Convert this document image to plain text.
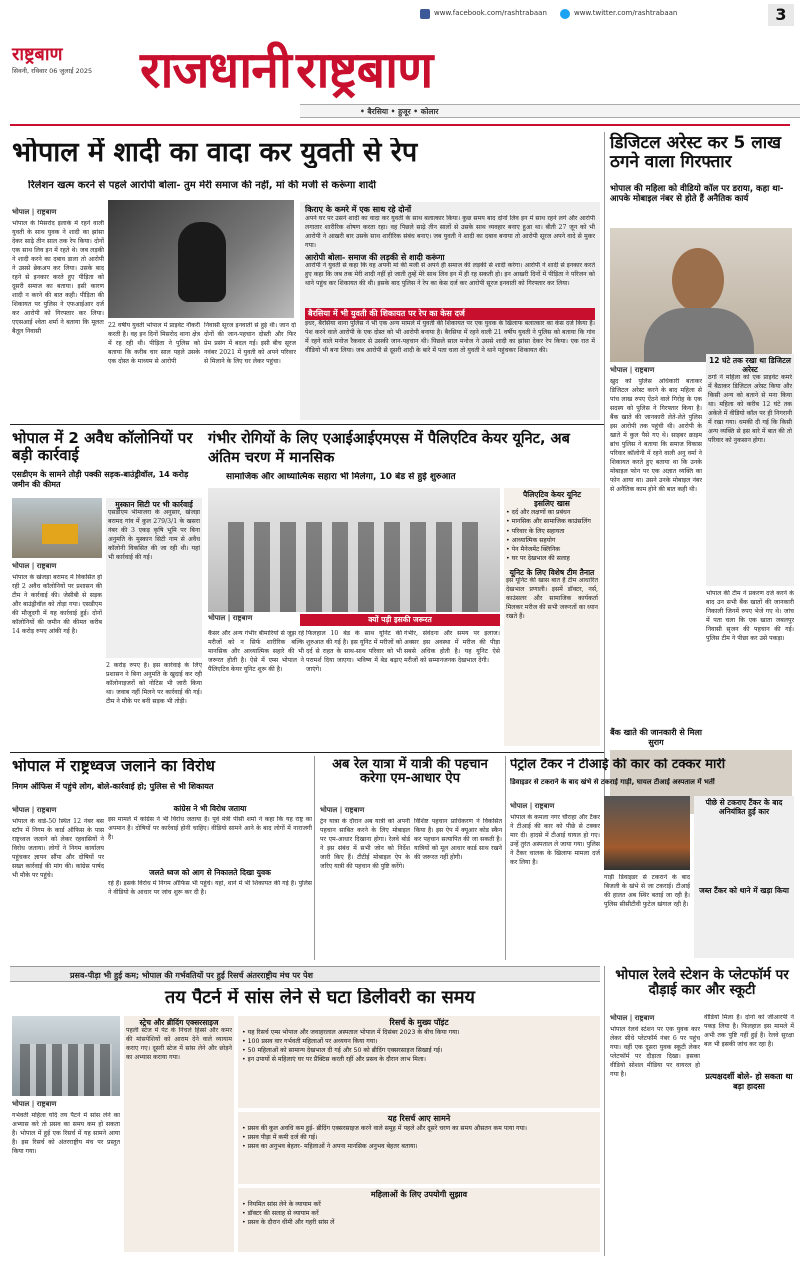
www.facebook.com/rashtrabaan	www.twitter.com/rashtrabaan	3
राष्ट्रबाण
सिवनी, रविवार 06 जुलाई 2025 राजधानी राष्ट्रबाण
• बैरसिया • हुजूर • कोलार
भोपाल में शादी का वादा कर युवती से रेप
रिलेशन खत्म करने से पहले आरोपी बोला- तुम मेरी समाज की नहीं, मां की मर्जी से करूंगा शादी
भोपाल | राष्ट्रबाण
भोपाल के मिसरोद इलाके में रहने वाली युवती के साथ युवक ने शादी का झांसा देकर साढ़े तीन साल तक रेप किया। दोनों एक साथ लिव इन में रहते थे। जब लड़की ने शादी करने का दबाव डाला तो आरोपी ने उससे ब्रेकअप कर लिया। उसके बाद रहने से इनकार करते हुए पीड़िता को दूसरी समाज का बताया। इसी कारण शादी न करने की बात कही। पीड़िता की शिकायत पर पुलिस ने एफआईआर दर्ज कर आरोपी को गिरफ्तार कर लिया। एएसआई श्वेता शर्मा ने बताया कि मूलतः बैतूल निवासी
22 वर्षीय युवती भोपाल में प्राइवेट नौकरी करती है। वह इन दिनों मिसरोद थाना क्षेत्र में रह रही थी। पीड़िता ने पुलिस को बताया कि करीब चार साल पहले उसके एक दोस्त के माध्यम से आरोपी
निवासी सूरज इनवाती से हुई थी। जान दो दोनों की जान-पहचान दोस्ती और फिर प्रेम प्रसंग में बदल गई। इसी बीच सूरज नवंबर 2021 में युवती को अपने परिवार से मिलाने के लिए घर लेकर पहुंचा।
किराए के कमरे में एक साथ रहे दोनों
अपने घर पर उसने शादी का वादा कर युवती के साथ बलात्कार किया। कुछ समय बाद दोनों लिव इन में साथ रहने लगे और आरोपी लगातार शारीरिक शोषण करता रहा। वह पिछले साढ़े तीन सालों से उसके साथ व्यवहार बनाए हुआ था। बीती 27 जून को भी आरोपी ने आखरी बार उसके साथ शारीरिक संबंध बनाए। जब युवती ने शादी का दबाव बनाया तो आरोपी सूरज अपने वादे से मुकर गया।
आरोपी बोला- समाज की लड़की से शादी करूंगा
आरोपी ने युवती से कहा कि वह अपनी मां की मर्जी से अपने ही समाज की लड़की से शादी करेगा। आरोपी ने शादी से इनकार करते हुए कहा कि जब तक मेरी शादी नहीं हो जाती तुम्हें मेरे साथ लिव इन में ही रह सकती हो। इन आखरी दिनों में पीड़िता ने परिजन को थाने पहुंच कर शिकायत की थी। इसके बाद पुलिस ने रेप का केस दर्ज कर आरोपी सूरज इनवाती को गिरफ्तार कर लिया।
बैरसिया में भी युवती की शिकायत पर रेप का केस दर्ज
इधर, बैरसिया थाना पुलिस ने भी एक अन्य मामले में युवती की शिकायत पर एक युवक के खिलाफ बलात्कार का केस दर्ज किया है। पेश करने वाले आरोपी के एक दोस्त को भी आरोपी बनाया है। बैरसिया में रहने वाली 21 वर्षीय युवती ने पुलिस को बताया कि गांव में रहने वाले मनोज रैकवार से उसकी जान-पहचान थी। पिछले साल मनोज ने उससे शादी का झांसा देकर रेप किया। एक रात में वीडियो भी बना लिया। जब आरोपी से दूसरी शादी के बारे में पता चला तो युवती ने थाने पहुंचकर शिकायत की।
डिजिटल अरेस्ट कर 5 लाख ठगने वाला गिरफ्तार
भोपाल की महिला को वीडियो कॉल पर डराया, कहा था- आपके मोबाइल नंबर से होते हैं अनैतिक कार्य
भोपाल | राष्ट्रबाण
खुद को पुलिस अधिकारी बताकर डिजिटल अरेस्ट करने के बाद महिला से पांच लाख रुपए ऐंठने वाले गिरोह के एक सदस्य को पुलिस ने गिरफ्तार किया है। बैंक खाते की जानकारी लेते-लेते पुलिस इस आरोपी तक पहुंची थी। आरोपी के खाते में कुल पैसे गए थे। साइबर क्राइम ब्रांच पुलिस ने बताया कि समाज विकास परिवार कॉलोनी में रहने वाली अनु वर्मा ने शिकायत करते हुए बताया था कि उनके मोबाइल फोन पर एक अज्ञात व्यक्ति का फोन आया था। उसने उनके मोबाइल नंबर से अनैतिक काम होने की बात कही थी।
12 घंटे तक रखा था डिजिटल अरेस्ट
ठगों ने महिला को एक प्राइवेट कमरे में बैठाकर डिजिटल अरेस्ट किया और किसी अन्य को बताने से मना किया था। महिला को करीब 12 घंटे तक अकेले में वीडियो कॉल पर ही निगरानी में रखा गया। धमकी दी गई कि किसी अन्य व्यक्ति से इस बारे में बात की तो परिवार को नुकसान होगा।
भोपाल की टीम ने प्रकरण दर्ज करने के बाद उन सभी बैंक खातों की जानकारी निकाली जिनमें रुपए भेजे गए थे। जांच में पता चला कि एक खाता जबलपुर निवासी सृजन की पहचान की गई। पुलिस टीम ने पीछा कर उसे पकड़ा।
बैंक खाते की जानकारी से मिला सुराग
भोपाल में 2 अवैध कॉलोनियों पर बड़ी कार्रवाई
एसडीएम के सामने तोड़ी पक्की सड़क-बाउंड्रीवॉल, 14 करोड़ जमीन की कीमत
भोपाल | राष्ट्रबाण
भोपाल के खेजड़ा बरामद में विकसित हो रही 2 अवैध कॉलोनियों पर प्रशासन की टीम ने कार्रवाई की। जेसीबी से सड़क और बाउंड्रीवॉल को तोड़ा गया। एसडीएम की मौजूदगी में यह कार्रवाई हुई। दोनों कॉलोनियों की जमीन की कीमत करीब 14 करोड़ रुपए आंकी गई है।
मुस्कान सिटी पर भी कार्रवाई
एसडीएम भीमाजरा के अनुसार, खेजड़ा बरामद गांव में कुल 279/3/1 के खसरा नंबर की 3 एकड़ कृषि भूमि पर बिना अनुमति के मुस्कान सिटी नाम से अवैध कॉलोनी विकसित की जा रही थी। यहां भी कार्रवाई की गई।
2 करोड़ रुपए है। इस कार्रवाई के लिए प्रशासन ने बिना अनुमति के खुदाई कर रही कॉलोनाइजरों को नोटिस भी जारी किया था। जवाब नहीं मिलने पर कार्रवाई की गई। टीम ने मौके पर बनी सड़क भी तोड़ी।
गंभीर रोगियों के लिए एआईआईएमएस में पैलिएटिव केयर यूनिट, अब अंतिम चरण में मानसिक
सामाजिक और आध्यात्मिक सहारा भी मिलेगा, 10 बेड से हुई शुरुआत
भोपाल | राष्ट्रबाण	क्यों पड़ी इसकी जरूरत
कैंसर और अन्य गंभीर बीमारियों से जूझ रहे मरीजों को न सिर्फ शारीरिक बल्कि मानसिक और आध्यात्मिक सहारे की भी जरूरत होती है। ऐसे में एम्स भोपाल ने पैलिएटिव केयर यूनिट शुरू की है।
फिलहाल 10 बेड के साथ यूनिट की शुरुआत की गई है। इस यूनिट में मरीजों को दर्द से राहत के साथ-साथ परिवार को भी परामर्श दिया जाएगा। भविष्य में बेड बढ़ाए जाएंगे।
गंभीर, संवेदना और समय पर इलाज। अक्सर इस अवस्था में मरीज की पीड़ा सबसे अधिक होती है। यह यूनिट ऐसे मरीजों को सम्मानजनक देखभाल देगी।
पैलिएटिव केयर यूनिट
इसलिए खास
• दर्द और लक्षणों का प्रबंधन
• मानसिक और सामाजिक काउंसलिंग
• परिवार के लिए सहायता
• आध्यात्मिक सहयोग
• पेन मैनेजमेंट क्लिनिक
• घर पर देखभाल की सलाह
यूनिट के लिए विशेष टीम तैनात
इस यूनिट की खास बात है टीम आधारित देखभाल प्रणाली। इसमें डॉक्टर, नर्स, काउंसलर और सामाजिक कार्यकर्ता मिलकर मरीज की सभी जरूरतों का ध्यान रखते हैं।
भोपाल में राष्ट्रध्वज जलाने का विरोध
निगम ऑफिस में पहुंचे लोग, बोले-कार्रवाई हो; पुलिस से भी शिकायत
भोपाल | राष्ट्रबाण
भोपाल के वार्ड-50 स्थित 12 नंबर बस स्टॉप में निगम के कार्ड ऑफिस के पास राष्ट्रध्वज जलाने को लेकर रहवासियों ने विरोध जताया। लोगों ने निगम कार्यालय पहुंचकर ज्ञापन सौंपा और दोषियों पर सख्त कार्रवाई की मांग की। कांग्रेस पार्षद भी मौके पर पहुंचे।
कांग्रेस ने भी विरोध जताया
इस मामले में कांग्रेस ने भी विरोध जताया है। पूर्व मंत्री पीसी शर्मा ने कहा कि यह राष्ट्र का अपमान है। दोषियों पर कार्रवाई होनी चाहिए। वीडियो सामने आने के बाद लोगों में नाराजगी है।
जलते ध्वज को आग से निकालते दिखा युवक
रहे हैं। इसके विरोध में निगम ऑफिस भी पहुंचे। यहां, थाने में भी शिकायत की गई है। पुलिस ने वीडियो के आधार पर जांच शुरू कर दी है।
अब रेल यात्रा में यात्री की पहचान करेगा एम-आधार ऐप
भोपाल | राष्ट्रबाण
ट्रेन यात्रा के दौरान अब यात्री को अपनी पहचान साबित करने के लिए मोबाइल पर एम-आधार दिखाना होगा। रेलवे बोर्ड ने इस संबंध में सभी जोन को निर्देश जारी किए हैं। टीटीई मोबाइल ऐप के जरिए यात्री की पहचान की पुष्टि करेंगे।
विशिष्ट पहचान प्राधिकरण ने विकसित किया है। इस ऐप में क्यूआर कोड स्कैन कर पहचान सत्यापित की जा सकती है। यात्रियों को मूल आधार कार्ड साथ रखने की जरूरत नहीं होगी।
पेट्रोल टैंकर ने टीआई की कार को टक्कर मारी
डिवाइडर से टकराने के बाद खंभे से टकराई गाड़ी, घायल टीआई अस्पताल में भर्ती
भोपाल | राष्ट्रबाण
भोपाल के कमला नगर चौराहा और टैंकर ने टीआई की कार को पीछे से टक्कर मार दी। हादसे में टीआई घायल हो गए। उन्हें तुरंत अस्पताल ले जाया गया। पुलिस ने टैंकर चालक के खिलाफ मामला दर्ज कर लिया है।
गाड़ी डिवाइडर से टकराने के बाद बिजली के खंभे से जा टकराई। टीआई की हालत अब स्थिर बताई जा रही है। पुलिस सीसीटीवी फुटेज खंगाल रही है।
पीछे से टकराए टैंकर के बाद अनियंत्रित हुई कार
जब्त टैंकर को थाने में खड़ा किया
प्रसव-पीड़ा भी हुई कम; भोपाल की गर्भवतियों पर हुई रिसर्च अंतरराष्ट्रीय मंच पर पेश
तय पैटर्न में सांस लेने से घटा डिलीवरी का समय
भोपाल | राष्ट्रबाण
गर्भवती महिला यदि तय पैटर्न में सांस लेने का अभ्यास करे तो प्रसव का समय कम हो सकता है। भोपाल में हुई एक रिसर्च में यह सामने आया है। इस रिसर्च को अंतरराष्ट्रीय मंच पर प्रस्तुत किया गया।
स्ट्रेच और ब्रीदिंग एक्सरसाइज
पहली स्टेज में पेट के निचले हिस्से और कमर की मांसपेशियों को आराम देने वाले व्यायाम कराए गए। दूसरी स्टेज में सांस लेने और छोड़ने का अभ्यास कराया गया।
रिसर्च के मुख्य पॉइंट
• यह रिसर्च एम्स भोपाल और जवाहरलाल अस्पताल भोपाल में दिसंबर 2023 के बीच किया गया।
• 100 प्रसव वार गर्भवती महिलाओं पर अध्ययन किया गया।
• 50 महिलाओं को सामान्य देखभाल दी गई और 50 को ब्रीदिंग एक्सरसाइज सिखाई गई।
• इन उपायों से महिलाएं घर पर प्रैक्टिस करती रहीं और प्रसव के दौरान लाभ मिला।
यह रिसर्च आए सामने
• प्रसव की कुल अवधि कम हुई- ब्रीदिंग एक्सरसाइज करने वाले समूह में पहले और दूसरे चरण का समय औसतन कम पाया गया।
• प्रसव पीड़ा में कमी दर्ज की गई।
• प्रसव का अनुभव बेहतर- महिलाओं ने अपना मानसिक अनुभव बेहतर बताया।
महिलाओं के लिए उपयोगी सुझाव
• नियमित सांस लेने के व्यायाम करें
• डॉक्टर की सलाह से व्यायाम करें
• प्रसव के दौरान धीमी और गहरी सांस लें
भोपाल रेलवे स्टेशन के प्लेटफॉर्म पर दौड़ाई कार और स्कूटी
भोपाल | राष्ट्रबाण
भोपाल रेलवे स्टेशन पर एक युवक कार लेकर सीधे प्लेटफॉर्म नंबर 6 पर पहुंच गया। वहीं एक दूसरा युवक स्कूटी लेकर प्लेटफॉर्म पर दौड़ाता दिखा। इसका वीडियो सोशल मीडिया पर वायरल हो गया है।
वीडियो मिला है। दोनों को जीआरपी ने पकड़ लिया है। फिलहाल इस मामले में अभी तक पुष्टि नहीं हुई है। रेलवे सुरक्षा बल भी इसकी जांच कर रहा है।
प्रत्यक्षदर्शी बोले- हो सकता था बड़ा हादसा
